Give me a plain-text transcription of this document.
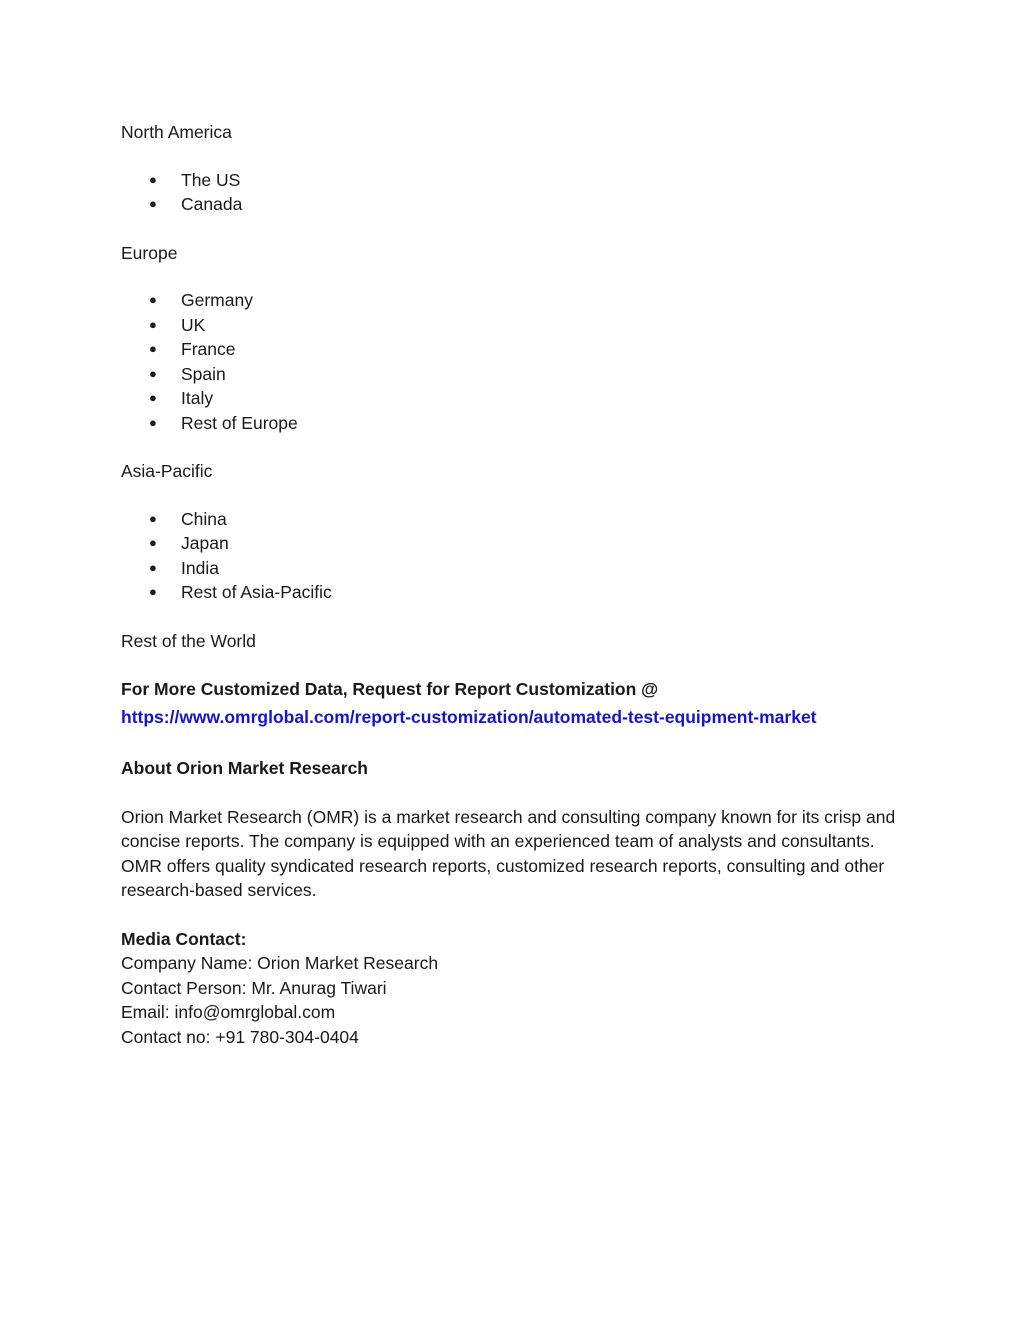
North America

● The US
● Canada

Europe

● Germany
● UK
● France
● Spain
● Italy
● Rest of Europe

Asia-Pacific

● China
● Japan
● India
● Rest of Asia-Pacific

Rest of the World

For More Customized Data, Request for Report Customization @

https://www.omrglobal.com/report-customization/automated-test-equipment-market

About Orion Market Research

Orion Market Research (OMR) is a market research and consulting company known for its crisp and concise reports. The company is equipped with an experienced team of analysts and consultants. OMR offers quality syndicated research reports, customized research reports, consulting and other research-based services.

Media Contact:

Company Name: Orion Market Research

Contact Person: Mr. Anurag Tiwari

Email: info@omrglobal.com

Contact no: +91 780-304-0404
